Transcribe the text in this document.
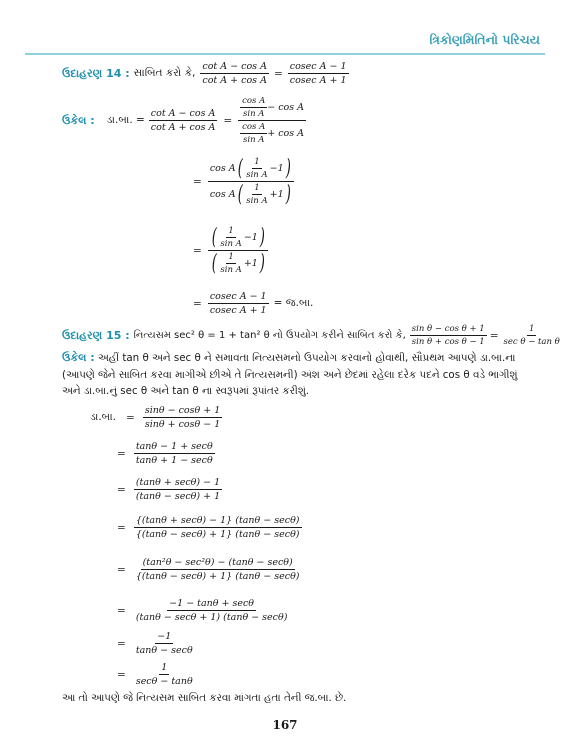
ત્રિકોણમિતિનો પરિચય
ઉદાહરણ 14 : સાબિત કરો કે, $\frac{\text{cot A − cos A}}{\text{cot A + cos A}} = \frac{\text{cosec A − 1}}{\text{cosec A + 1}}$
ઉકેલ : ડા.બા. = $\frac{\text{cot A − cos A}}{\text{cot A + cos A}} = \frac{\frac{\text{cos A}}{\text{sin A}} - \cos A}{\frac{\text{cos A}}{\text{sin A}} + \cos A}$
= $\frac{\cos A ( \frac{1}{\text{sin A}} -1 )}{\cos A ( \frac{1}{\text{sin A}} +1 )}$
= $\frac{( \frac{1}{\text{sin A}} -1 )}{( \frac{1}{\text{sin A}} +1 )}$
= $\frac{\text{cosec A − 1}}{\text{cosec A + 1}}$ = જ.બા.
ઉદાહરણ 15 : નિત્યસમ sec² θ = 1 + tan² θ નો ઉપયોગ કરીને સાબિત કરો કે, $\frac{\text{sin θ − cos θ + 1}}{\text{sin θ + cos θ − 1}} = \frac{1}{\text{sec θ − tan θ}}$
ઉકેલ : અહીં tan θ અને sec θ ને સમાવતા નિત્યસમનો ઉપયોગ કરવાનો હોવાથી, સૌપ્રથમ આપણે ડા.બા.ના
(આપણે જેને સાબિત કરવા માગીએ છીએ તે નિત્યસમની) અંશ અને છેદમાં રહેલા દરેક પદને cos θ વડે ભાગીશું
અને ડા.બા.નું sec θ અને tan θ ના સ્વરૂપમાં રૂપાંતર કરીશું.
ડા.બા. = $\frac{\sin\theta - \cos\theta + 1}{\sin\theta + \cos\theta - 1}$
= $\frac{\tan\theta - 1 + \sec\theta}{\tan\theta + 1 - \sec\theta}$
= $\frac{(\tan\theta + \sec\theta) - 1}{(\tan\theta - \sec\theta) + 1}$
= $\frac{\{(\tan\theta + \sec\theta) - 1\} (\tan\theta - \sec\theta)}{\{(\tan\theta - \sec\theta) + 1\} (\tan\theta - \sec\theta)}$
= $\frac{\text{(tan²θ − sec²θ) − (tanθ − secθ)}}{\{(\tan\theta - \sec\theta) + 1\} (\tan\theta - \sec\theta)}$
= $\frac{-1 - \tan\theta + \sec\theta}{(\tan\theta - \sec\theta + 1) (\tan\theta - \sec\theta)}$
= $\frac{-1}{\tan\theta - \sec\theta}$
= $\frac{1}{\sec\theta - \tan\theta}$
આ તો આપણે જે નિત્યસમ સાબિત કરવા માંગતા હતા તેની જ.બા. છે.
167
